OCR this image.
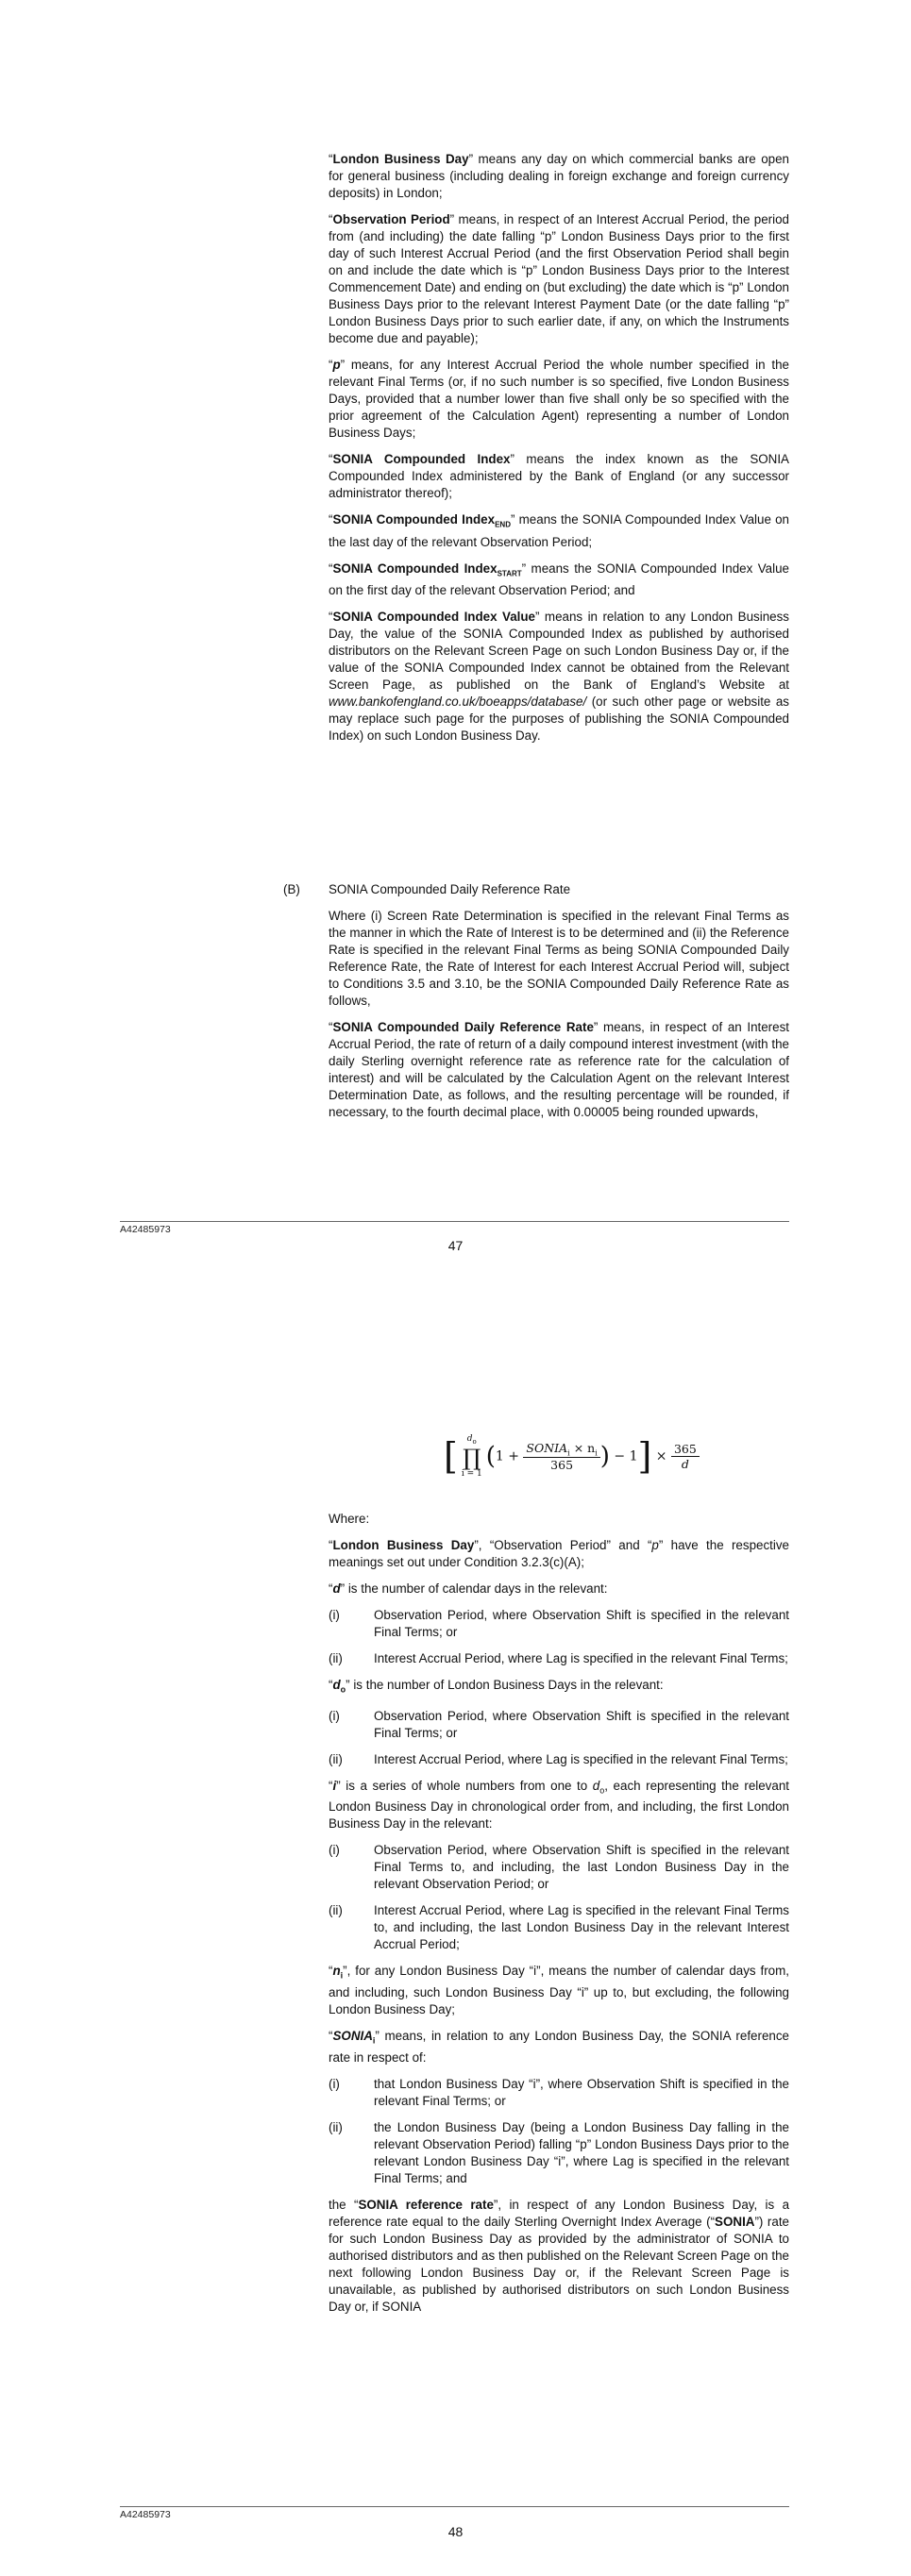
“London Business Day” means any day on which commercial banks are open for general business (including dealing in foreign exchange and foreign currency deposits) in London;

“Observation Period” means, in respect of an Interest Accrual Period, the period from (and including) the date falling “p” London Business Days prior to the first day of such Interest Accrual Period (and the first Observation Period shall begin on and include the date which is “p” London Business Days prior to the Interest Commencement Date) and ending on (but excluding) the date which is “p” London Business Days prior to the relevant Interest Payment Date (or the date falling “p” London Business Days prior to such earlier date, if any, on which the Instruments become due and payable);

“p” means, for any Interest Accrual Period the whole number specified in the relevant Final Terms (or, if no such number is so specified, five London Business Days, provided that a number lower than five shall only be so specified with the prior agreement of the Calculation Agent) representing a number of London Business Days;

“SONIA Compounded Index” means the index known as the SONIA Compounded Index administered by the Bank of England (or any successor administrator thereof);

“SONIA Compounded Index$_{END}$” means the SONIA Compounded Index Value on the last day of the relevant Observation Period;

“SONIA Compounded Index$_{START}$” means the SONIA Compounded Index Value on the first day of the relevant Observation Period; and

“SONIA Compounded Index Value” means in relation to any London Business Day, the value of the SONIA Compounded Index as published by authorised distributors on the Relevant Screen Page on such London Business Day or, if the value of the SONIA Compounded Index cannot be obtained from the Relevant Screen Page, as published on the Bank of England’s Website at www.bankofengland.co.uk/boeapps/database/ (or such other page or website as may replace such page for the purposes of publishing the SONIA Compounded Index) on such London Business Day.

(B) SONIA Compounded Daily Reference Rate

Where (i) Screen Rate Determination is specified in the relevant Final Terms as the manner in which the Rate of Interest is to be determined and (ii) the Reference Rate is specified in the relevant Final Terms as being SONIA Compounded Daily Reference Rate, the Rate of Interest for each Interest Accrual Period will, subject to Conditions 3.5 and 3.10, be the SONIA Compounded Daily Reference Rate as follows,

“SONIA Compounded Daily Reference Rate” means, in respect of an Interest Accrual Period, the rate of return of a daily compound interest investment (with the daily Sterling overnight reference rate as reference rate for the calculation of interest) and will be calculated by the Calculation Agent on the relevant Interest Determination Date, as follows, and the resulting percentage will be rounded, if necessary, to the fourth decimal place, with 0.00005 being rounded upwards,

A42485973
47
[ $d_o$
∏
i = 1
($1 + \frac{SONIA_i \times n_i}{365}$ ) − $1] \times \frac{365}{d}$

Where:

“London Business Day”, “Observation Period” and “p” have the respective meanings set out under Condition 3.2.3(c)(A);

“d” is the number of calendar days in the relevant:

(i)	Observation Period, where Observation Shift is specified in the relevant Final Terms; or
(ii) Interest Accrual Period, where Lag is specified in the relevant Final Terms;

“$d_o$” is the number of London Business Days in the relevant:

(i)	Observation Period, where Observation Shift is specified in the relevant Final Terms; or
(ii) Interest Accrual Period, where Lag is specified in the relevant Final Terms;

“i” is a series of whole numbers from one to $d_o$, each representing the relevant London Business Day in chronological order from, and including, the first London Business Day in the relevant:

(i)	Observation Period, where Observation Shift is specified in the relevant Final Terms to, and including, the last London Business Day in the relevant Observation Period; or
(ii) Interest Accrual Period, where Lag is specified in the relevant Final Terms to, and including, the last London Business Day in the relevant Interest Accrual Period;

“$n_i$”, for any London Business Day “i”, means the number of calendar days from, and including, such London Business Day “i” up to, but excluding, the following London Business Day;

“$SONIA_i$” means, in relation to any London Business Day, the SONIA reference rate in respect of:

(i)	that London Business Day “i”, where Observation Shift is specified in the relevant Final Terms; or
(ii) the London Business Day (being a London Business Day falling in the relevant Observation Period) falling “p” London Business Days prior to the relevant London Business Day “i”, where Lag is specified in the relevant Final Terms; and

the “SONIA reference rate”, in respect of any London Business Day, is a reference rate equal to the daily Sterling Overnight Index Average (“SONIA”) rate for such London Business Day as provided by the administrator of SONIA to authorised distributors and as then published on the Relevant Screen Page on the next following London Business Day or, if the Relevant Screen Page is unavailable, as published by authorised distributors on such London Business Day or, if SONIA

A42485973
48
